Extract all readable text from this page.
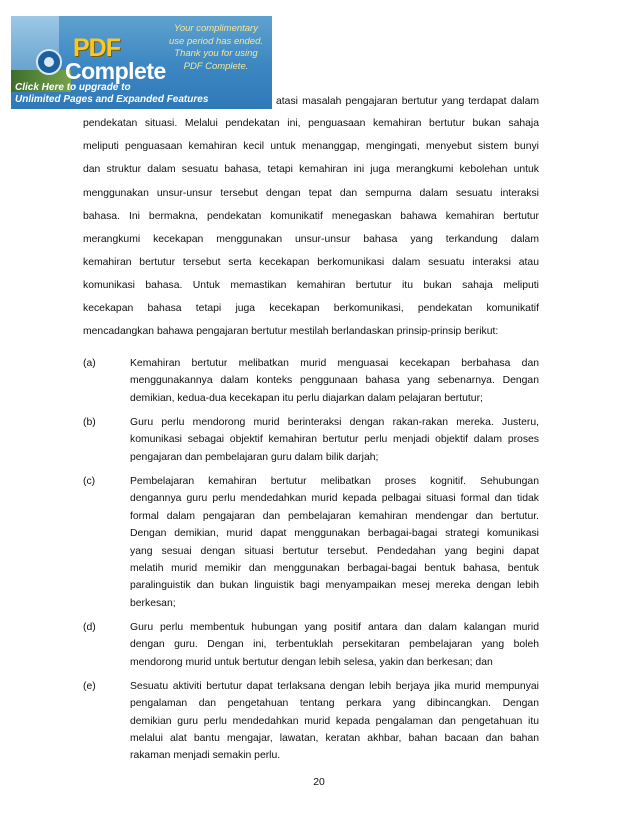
PDF
Complete
Your complimentary
use period has ended.
Thank you for using
PDF Complete.
Click Here to upgrade to
Unlimited Pages and Expanded Features	atasi masalah pengajaran bertutur yang terdapat dalam
pendekatan situasi. Melalui pendekatan ini, penguasaan kemahiran bertutur bukan sahaja
meliputi penguasaan kemahiran kecil untuk menanggap, mengingati, menyebut sistem bunyi
dan struktur dalam sesuatu bahasa, tetapi kemahiran ini juga merangkumi kebolehan untuk
menggunakan unsur-unsur tersebut dengan tepat dan sempurna dalam sesuatu interaksi
bahasa. Ini bermakna, pendekatan komunikatif menegaskan bahawa kemahiran bertutur
merangkumi kecekapan menggunakan unsur-unsur bahasa yang terkandung dalam
kemahiran bertutur tersebut serta kecekapan berkomunikasi dalam sesuatu interaksi atau
komunikasi bahasa. Untuk memastikan kemahiran bertutur itu bukan sahaja meliputi
kecekapan bahasa tetapi juga kecekapan berkomunikasi, pendekatan komunikatif
mencadangkan bahawa pengajaran bertutur mestilah berlandaskan prinsip-prinsip berikut:
(a)	Kemahiran bertutur melibatkan murid menguasai kecekapan berbahasa dan
menggunakannya dalam konteks penggunaan bahasa yang sebenarnya. Dengan
demikian, kedua-dua kecekapan itu perlu diajarkan dalam pelajaran bertutur;
(b)	Guru perlu mendorong murid berinteraksi dengan rakan-rakan mereka. Justeru,
komunikasi sebagai objektif kemahiran bertutur perlu menjadi objektif dalam proses
pengajaran dan pembelajaran guru dalam bilik darjah;
(c)	Pembelajaran kemahiran bertutur melibatkan proses kognitif. Sehubungan
dengannya guru perlu mendedahkan murid kepada pelbagai situasi formal dan tidak
formal dalam pengajaran dan pembelajaran kemahiran mendengar dan bertutur.
Dengan demikian, murid dapat menggunakan berbagai-bagai strategi komunikasi
yang sesuai dengan situasi bertutur tersebut. Pendedahan yang begini dapat
melatih murid memikir dan menggunakan berbagai-bagai bentuk bahasa, bentuk
paralinguistik dan bukan linguistik bagi menyampaikan mesej mereka dengan lebih
berkesan;
(d)	Guru perlu membentuk hubungan yang positif antara dan dalam kalangan murid
dengan guru. Dengan ini, terbentuklah persekitaran pembelajaran yang boleh
mendorong murid untuk bertutur dengan lebih selesa, yakin dan berkesan; dan
(e)	Sesuatu aktiviti bertutur dapat terlaksana dengan lebih berjaya jika murid mempunyai
pengalaman dan pengetahuan tentang perkara yang dibincangkan. Dengan
demikian guru perlu mendedahkan murid kepada pengalaman dan pengetahuan itu
melalui alat bantu mengajar, lawatan, keratan akhbar, bahan bacaan dan bahan
rakaman menjadi semakin perlu.
20
